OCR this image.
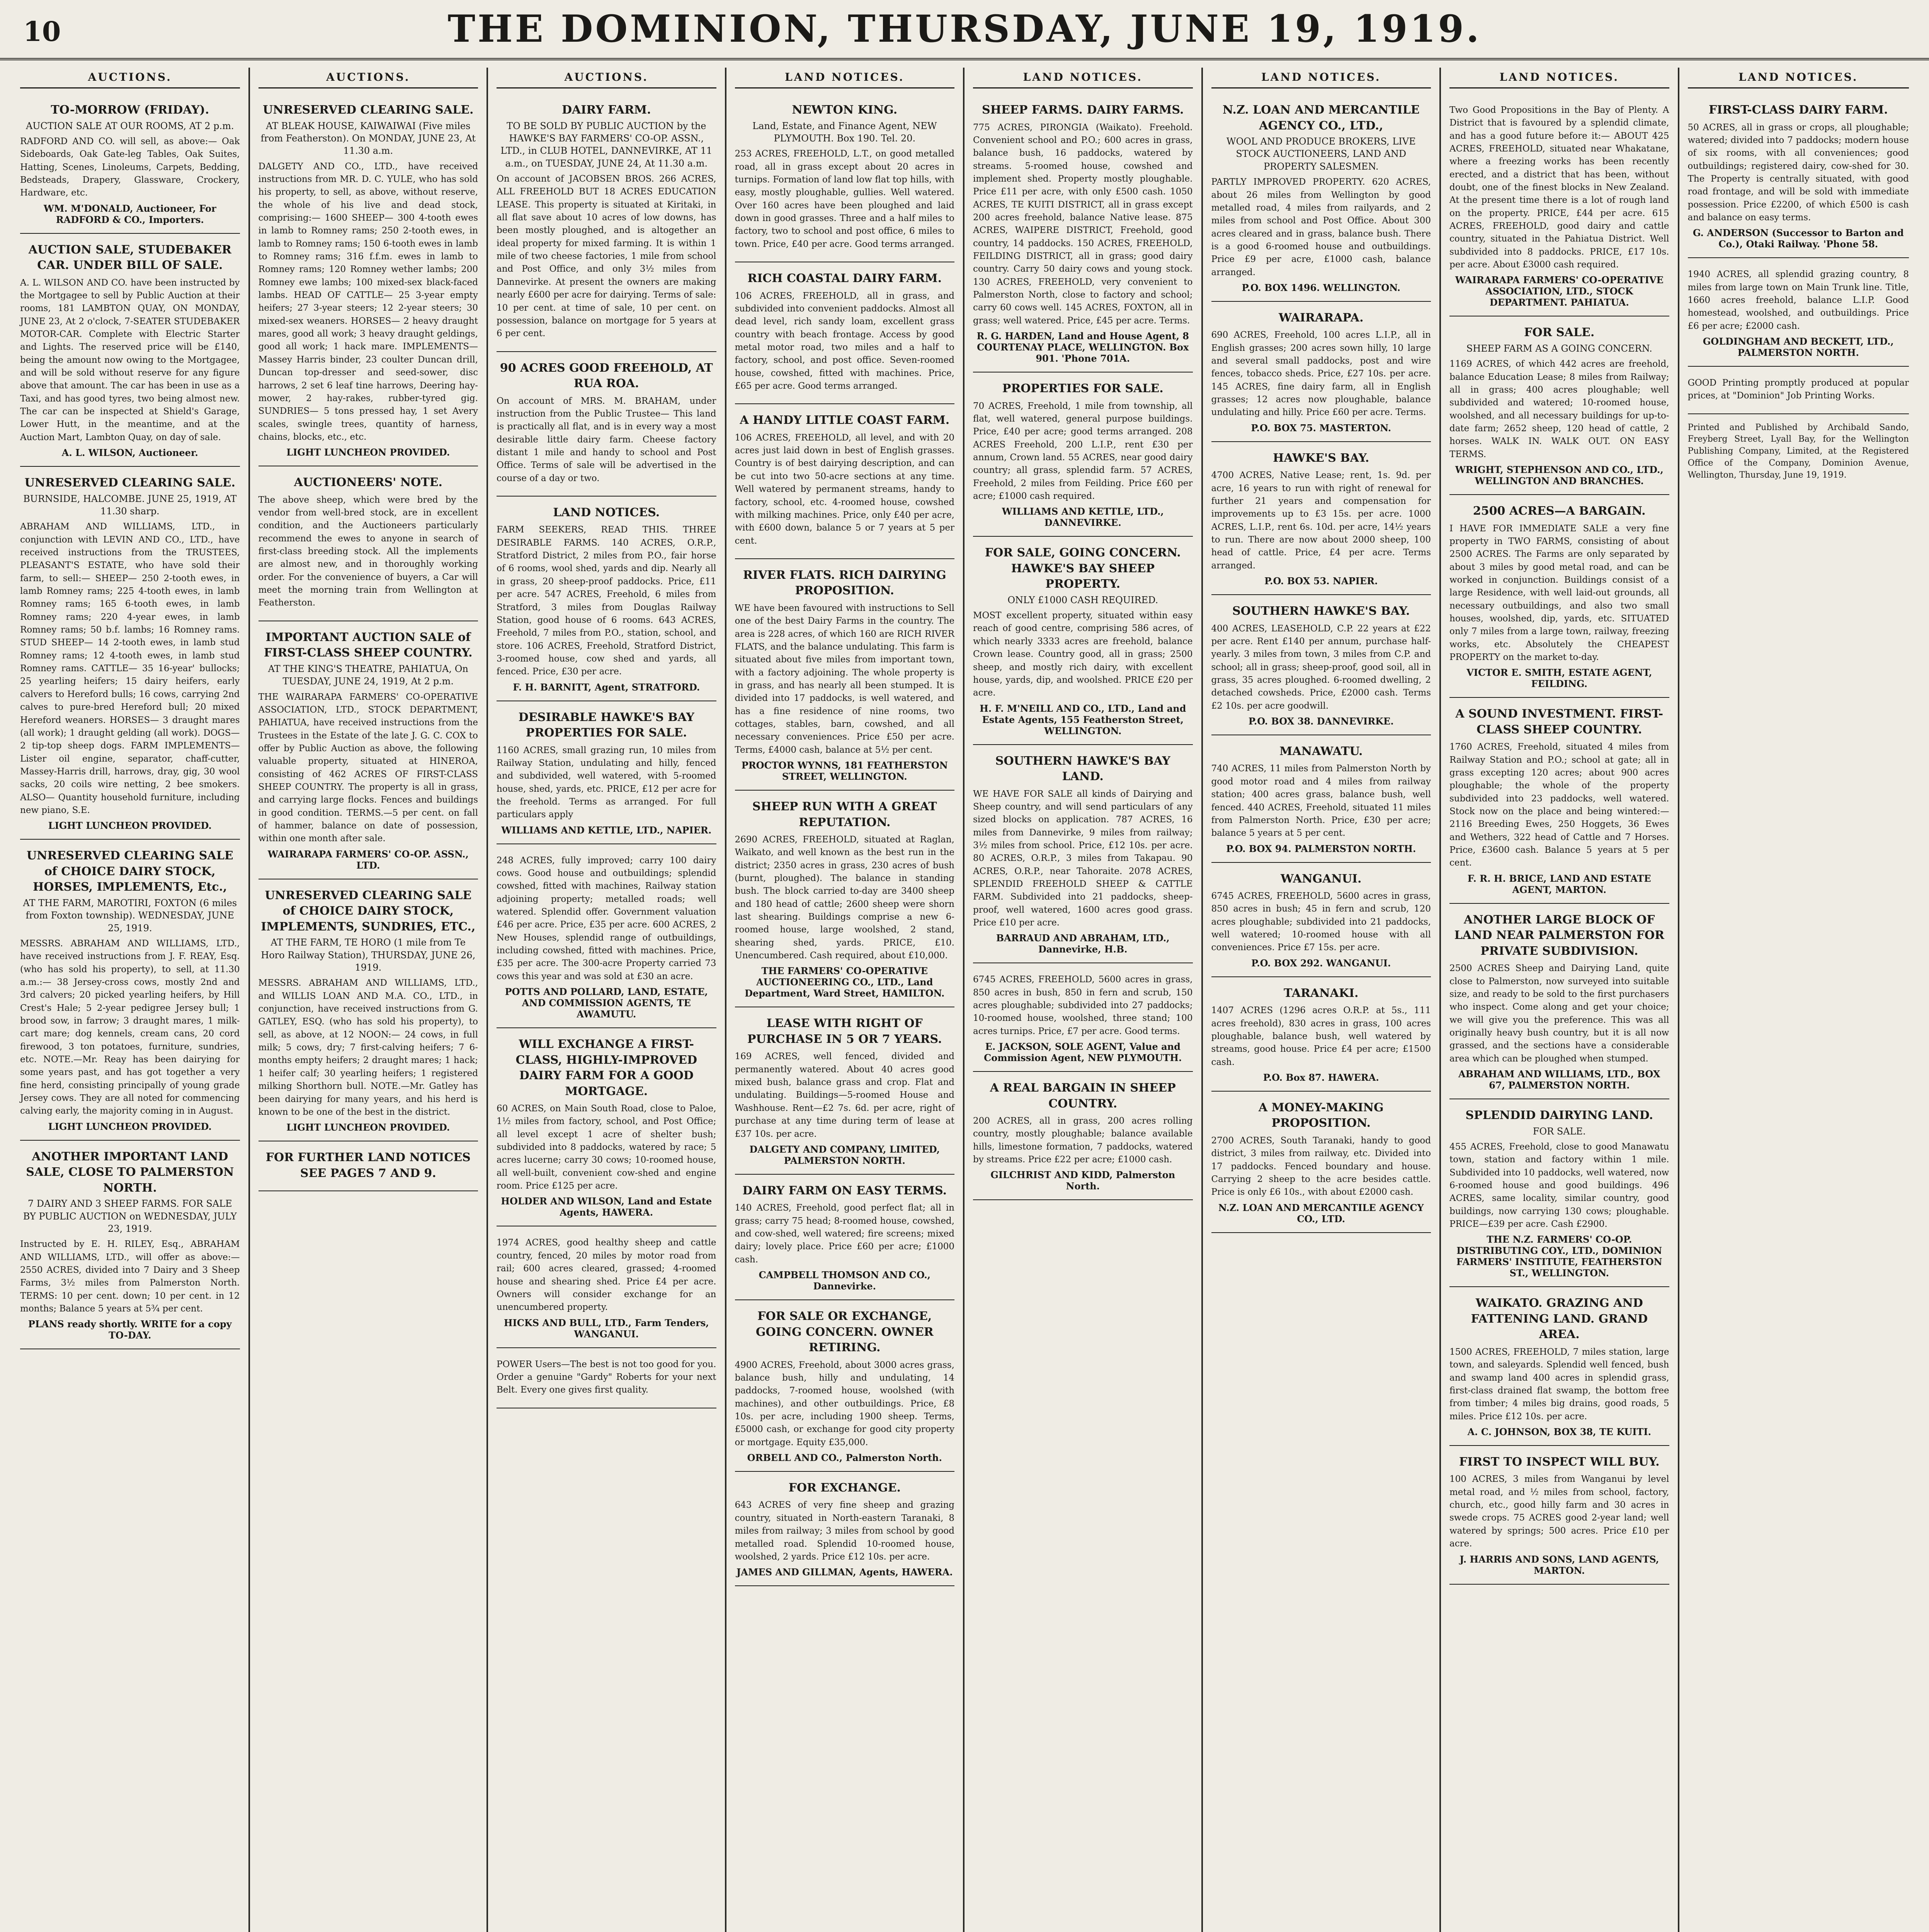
10	THE DOMINION, THURSDAY, JUNE 19, 1919.
AUCTIONS.
TO-MORROW (FRIDAY).
AUCTION SALE AT OUR ROOMS, AT 2 p.m.
RADFORD AND CO. will sell, as above:— Oak Sideboards, Oak Gate-leg Tables, Oak Suites, Hatting, Scenes, Linoleums, Carpets, Bedding, Bedsteads, Drapery, Glassware, Crockery, Hardware, etc.
WM. M'DONALD, Auctioneer, For RADFORD & CO., Importers.
AUCTION SALE, STUDEBAKER CAR. UNDER BILL OF SALE.
A. L. WILSON AND CO. have been instructed by the Mortgagee to sell by Public Auction at their rooms, 181 LAMBTON QUAY, ON MONDAY, JUNE 23, At 2 o'clock, 7-SEATER STUDEBAKER MOTOR-CAR. Complete with Electric Starter and Lights. The reserved price will be £140, being the amount now owing to the Mortgagee, and will be sold without reserve for any figure above that amount. The car has been in use as a Taxi, and has good tyres, two being almost new. The car can be inspected at Shield's Garage, Lower Hutt, in the meantime, and at the Auction Mart, Lambton Quay, on day of sale.
A. L. WILSON, Auctioneer.
UNRESERVED CLEARING SALE.
BURNSIDE, HALCOMBE. JUNE 25, 1919, AT 11.30 sharp.
ABRAHAM AND WILLIAMS, LTD., in conjunction with LEVIN AND CO., LTD., have received instructions from the TRUSTEES, PLEASANT'S ESTATE, who have sold their farm, to sell:— SHEEP— 250 2-tooth ewes, in lamb Romney rams; 225 4-tooth ewes, in lamb Romney rams; 165 6-tooth ewes, in lamb Romney rams; 220 4-year ewes, in lamb Romney rams; 50 b.f. lambs; 16 Romney rams. STUD SHEEP— 14 2-tooth ewes, in lamb stud Romney rams; 12 4-tooth ewes, in lamb stud Romney rams. CATTLE— 35 16-year' bullocks; 25 yearling heifers; 15 dairy heifers, early calvers to Hereford bulls; 16 cows, carrying 2nd calves to pure-bred Hereford bull; 20 mixed Hereford weaners. HORSES— 3 draught mares (all work); 1 draught gelding (all work). DOGS— 2 tip-top sheep dogs. FARM IMPLEMENTS— Lister oil engine, separator, chaff-cutter, Massey-Harris drill, harrows, dray, gig, 30 wool sacks, 20 coils wire netting, 2 bee smokers. ALSO— Quantity household furniture, including new piano, S.E.
LIGHT LUNCHEON PROVIDED.
UNRESERVED CLEARING SALE of CHOICE DAIRY STOCK, HORSES, IMPLEMENTS, Etc.,
AT THE FARM, MAROTIRI, FOXTON (6 miles from Foxton township). WEDNESDAY, JUNE 25, 1919.
MESSRS. ABRAHAM AND WILLIAMS, LTD., have received instructions from J. F. REAY, Esq. (who has sold his property), to sell, at 11.30 a.m.:— 38 Jersey-cross cows, mostly 2nd and 3rd calvers; 20 picked yearling heifers, by Hill Crest's Hale; 5 2-year pedigree Jersey bull; 1 brood sow, in farrow; 3 draught mares, 1 milk-cart mare; dog kennels, cream cans, 20 cord firewood, 3 ton potatoes, furniture, sundries, etc. NOTE.—Mr. Reay has been dairying for some years past, and has got together a very fine herd, consisting principally of young grade Jersey cows. They are all noted for commencing calving early, the majority coming in in August.
LIGHT LUNCHEON PROVIDED.
ANOTHER IMPORTANT LAND SALE, CLOSE TO PALMERSTON NORTH.
7 DAIRY AND 3 SHEEP FARMS. FOR SALE BY PUBLIC AUCTION on WEDNESDAY, JULY 23, 1919.
Instructed by E. H. RILEY, Esq., ABRAHAM AND WILLIAMS, LTD., will offer as above:— 2550 ACRES, divided into 7 Dairy and 3 Sheep Farms, 3½ miles from Palmerston North. TERMS: 10 per cent. down; 10 per cent. in 12 months; Balance 5 years at 5¾ per cent.
PLANS ready shortly. WRITE for a copy TO-DAY.
AUCTIONS.
UNRESERVED CLEARING SALE.
AT BLEAK HOUSE, KAIWAIWAI (Five miles from Featherston). On MONDAY, JUNE 23, At 11.30 a.m.
DALGETY AND CO., LTD., have received instructions from MR. D. C. YULE, who has sold his property, to sell, as above, without reserve, the whole of his live and dead stock, comprising:— 1600 SHEEP— 300 4-tooth ewes in lamb to Romney rams; 250 2-tooth ewes, in lamb to Romney rams; 150 6-tooth ewes in lamb to Romney rams; 316 f.f.m. ewes in lamb to Romney rams; 120 Romney wether lambs; 200 Romney ewe lambs; 100 mixed-sex black-faced lambs. HEAD OF CATTLE— 25 3-year empty heifers; 27 3-year steers; 12 2-year steers; 30 mixed-sex weaners. HORSES— 2 heavy draught mares, good all work; 3 heavy draught geldings, good all work; 1 hack mare. IMPLEMENTS— Massey Harris binder, 23 coulter Duncan drill, Duncan top-dresser and seed-sower, disc harrows, 2 set 6 leaf tine harrows, Deering hay-mower, 2 hay-rakes, rubber-tyred gig. SUNDRIES— 5 tons pressed hay, 1 set Avery scales, swingle trees, quantity of harness, chains, blocks, etc., etc.
LIGHT LUNCHEON PROVIDED.
AUCTIONEERS' NOTE.
The above sheep, which were bred by the vendor from well-bred stock, are in excellent condition, and the Auctioneers particularly recommend the ewes to anyone in search of first-class breeding stock. All the implements are almost new, and in thoroughly working order. For the convenience of buyers, a Car will meet the morning train from Wellington at Featherston.
IMPORTANT AUCTION SALE of FIRST-CLASS SHEEP COUNTRY.
AT THE KING'S THEATRE, PAHIATUA, On TUESDAY, JUNE 24, 1919, At 2 p.m.
THE WAIRARAPA FARMERS' CO-OPERATIVE ASSOCIATION, LTD., STOCK DEPARTMENT, PAHIATUA, have received instructions from the Trustees in the Estate of the late J. G. C. COX to offer by Public Auction as above, the following valuable property, situated at HINEROA, consisting of 462 ACRES OF FIRST-CLASS SHEEP COUNTRY. The property is all in grass, and carrying large flocks. Fences and buildings in good condition. TERMS.—5 per cent. on fall of hammer, balance on date of possession, within one month after sale.
WAIRARAPA FARMERS' CO-OP. ASSN., LTD.
UNRESERVED CLEARING SALE of CHOICE DAIRY STOCK, IMPLEMENTS, SUNDRIES, ETC.,
AT THE FARM, TE HORO (1 mile from Te Horo Railway Station), THURSDAY, JUNE 26, 1919.
MESSRS. ABRAHAM AND WILLIAMS, LTD., and WILLIS LOAN AND M.A. CO., LTD., in conjunction, have received instructions from G. GATLEY, ESQ. (who has sold his property), to sell, as above, at 12 NOON:— 24 cows, in full milk; 5 cows, dry; 7 first-calving heifers; 7 6-months empty heifers; 2 draught mares; 1 hack; 1 heifer calf; 30 yearling heifers; 1 registered milking Shorthorn bull. NOTE.—Mr. Gatley has been dairying for many years, and his herd is known to be one of the best in the district.
LIGHT LUNCHEON PROVIDED.
FOR FURTHER LAND NOTICES SEE PAGES 7 AND 9.
AUCTIONS.
DAIRY FARM.
TO BE SOLD BY PUBLIC AUCTION by the HAWKE'S BAY FARMERS' CO-OP. ASSN., LTD., in CLUB HOTEL, DANNEVIRKE, AT 11 a.m., on TUESDAY, JUNE 24, At 11.30 a.m.
On account of JACOBSEN BROS. 266 ACRES, ALL FREEHOLD BUT 18 ACRES EDUCATION LEASE. This property is situated at Kiritaki, in all flat save about 10 acres of low downs, has been mostly ploughed, and is altogether an ideal property for mixed farming. It is within 1 mile of two cheese factories, 1 mile from school and Post Office, and only 3½ miles from Dannevirke. At present the owners are making nearly £600 per acre for dairying. Terms of sale: 10 per cent. at time of sale, 10 per cent. on possession, balance on mortgage for 5 years at 6 per cent.
90 ACRES GOOD FREEHOLD, AT RUA ROA.
On account of MRS. M. BRAHAM, under instruction from the Public Trustee— This land is practically all flat, and is in every way a most desirable little dairy farm. Cheese factory distant 1 mile and handy to school and Post Office. Terms of sale will be advertised in the course of a day or two.
LAND NOTICES.
FARM SEEKERS, READ THIS. THREE DESIRABLE FARMS. 140 ACRES, O.R.P., Stratford District, 2 miles from P.O., fair horse of 6 rooms, wool shed, yards and dip. Nearly all in grass, 20 sheep-proof paddocks. Price, £11 per acre. 547 ACRES, Freehold, 6 miles from Stratford, 3 miles from Douglas Railway Station, good house of 6 rooms. 643 ACRES, Freehold, 7 miles from P.O., station, school, and store. 106 ACRES, Freehold, Stratford District, 3-roomed house, cow shed and yards, all fenced. Price, £30 per acre.
F. H. BARNITT, Agent, STRATFORD.
DESIRABLE HAWKE'S BAY PROPERTIES FOR SALE.
1160 ACRES, small grazing run, 10 miles from Railway Station, undulating and hilly, fenced and subdivided, well watered, with 5-roomed house, shed, yards, etc. PRICE, £12 per acre for the freehold. Terms as arranged. For full particulars apply
WILLIAMS AND KETTLE, LTD., NAPIER.
248 ACRES, fully improved; carry 100 dairy cows. Good house and outbuildings; splendid cowshed, fitted with machines, Railway station adjoining property; metalled roads; well watered. Splendid offer. Government valuation £46 per acre. Price, £35 per acre. 600 ACRES, 2 New Houses, splendid range of outbuildings, including cowshed, fitted with machines. Price, £35 per acre. The 300-acre Property carried 73 cows this year and was sold at £30 an acre.
POTTS AND POLLARD, LAND, ESTATE, AND COMMISSION AGENTS, TE AWAMUTU.
WILL EXCHANGE A FIRST-CLASS, HIGHLY-IMPROVED DAIRY FARM FOR A GOOD MORTGAGE.
60 ACRES, on Main South Road, close to Paloe, 1½ miles from factory, school, and Post Office; all level except 1 acre of shelter bush; subdivided into 8 paddocks, watered by race; 5 acres lucerne; carry 30 cows; 10-roomed house, all well-built, convenient cow-shed and engine room. Price £125 per acre.
HOLDER AND WILSON, Land and Estate Agents, HAWERA.
1974 ACRES, good healthy sheep and cattle country, fenced, 20 miles by motor road from rail; 600 acres cleared, grassed; 4-roomed house and shearing shed. Price £4 per acre. Owners will consider exchange for an unencumbered property.
HICKS AND BULL, LTD., Farm Tenders, WANGANUI.
POWER Users—The best is not too good for you. Order a genuine "Gardy" Roberts for your next Belt. Every one gives first quality.
LAND NOTICES.
NEWTON KING.
Land, Estate, and Finance Agent, NEW PLYMOUTH. Box 190. Tel. 20.
253 ACRES, FREEHOLD, L.T., on good metalled road, all in grass except about 20 acres in turnips. Formation of land low flat top hills, with easy, mostly ploughable, gullies. Well watered. Over 160 acres have been ploughed and laid down in good grasses. Three and a half miles to factory, two to school and post office, 6 miles to town. Price, £40 per acre. Good terms arranged.
RICH COASTAL DAIRY FARM.
106 ACRES, FREEHOLD, all in grass, and subdivided into convenient paddocks. Almost all dead level, rich sandy loam, excellent grass country with beach frontage. Access by good metal motor road, two miles and a half to factory, school, and post office. Seven-roomed house, cowshed, fitted with machines. Price, £65 per acre. Good terms arranged.
A HANDY LITTLE COAST FARM.
106 ACRES, FREEHOLD, all level, and with 20 acres just laid down in best of English grasses. Country is of best dairying description, and can be cut into two 50-acre sections at any time. Well watered by permanent streams, handy to factory, school, etc. 4-roomed house, cowshed with milking machines. Price, only £40 per acre, with £600 down, balance 5 or 7 years at 5 per cent.
RIVER FLATS. RICH DAIRYING PROPOSITION.
WE have been favoured with instructions to Sell one of the best Dairy Farms in the country. The area is 228 acres, of which 160 are RICH RIVER FLATS, and the balance undulating. This farm is situated about five miles from important town, with a factory adjoining. The whole property is in grass, and has nearly all been stumped. It is divided into 17 paddocks, is well watered, and has a fine residence of nine rooms, two cottages, stables, barn, cowshed, and all necessary conveniences. Price £50 per acre. Terms, £4000 cash, balance at 5½ per cent.
PROCTOR WYNNS, 181 FEATHERSTON STREET, WELLINGTON.
SHEEP RUN WITH A GREAT REPUTATION.
2690 ACRES, FREEHOLD, situated at Raglan, Waikato, and well known as the best run in the district; 2350 acres in grass, 230 acres of bush (burnt, ploughed). The balance in standing bush. The block carried to-day are 3400 sheep and 180 head of cattle; 2600 sheep were shorn last shearing. Buildings comprise a new 6-roomed house, large woolshed, 2 stand, shearing shed, yards. PRICE, £10. Unencumbered. Cash required, about £10,000.
THE FARMERS' CO-OPERATIVE AUCTIONEERING CO., LTD., Land Department, Ward Street, HAMILTON.
LEASE WITH RIGHT OF PURCHASE IN 5 OR 7 YEARS.
169 ACRES, well fenced, divided and permanently watered. About 40 acres good mixed bush, balance grass and crop. Flat and undulating. Buildings—5-roomed House and Washhouse. Rent—£2 7s. 6d. per acre, right of purchase at any time during term of lease at £37 10s. per acre.
DALGETY AND COMPANY, LIMITED, PALMERSTON NORTH.
DAIRY FARM ON EASY TERMS.
140 ACRES, Freehold, good perfect flat; all in grass; carry 75 head; 8-roomed house, cowshed, and cow-shed, well watered; fire screens; mixed dairy; lovely place. Price £60 per acre; £1000 cash.
CAMPBELL THOMSON AND CO., Dannevirke.
FOR SALE OR EXCHANGE, GOING CONCERN. OWNER RETIRING.
4900 ACRES, Freehold, about 3000 acres grass, balance bush, hilly and undulating, 14 paddocks, 7-roomed house, woolshed (with machines), and other outbuildings. Price, £8 10s. per acre, including 1900 sheep. Terms, £5000 cash, or exchange for good city property or mortgage. Equity £35,000.
ORBELL AND CO., Palmerston North.
FOR EXCHANGE.
643 ACRES of very fine sheep and grazing country, situated in North-eastern Taranaki, 8 miles from railway; 3 miles from school by good metalled road. Splendid 10-roomed house, woolshed, 2 yards. Price £12 10s. per acre.
JAMES AND GILLMAN, Agents, HAWERA.
LAND NOTICES.
SHEEP FARMS. DAIRY FARMS.
775 ACRES, PIRONGIA (Waikato). Freehold. Convenient school and P.O.; 600 acres in grass, balance bush, 16 paddocks, watered by streams. 5-roomed house, cowshed and implement shed. Property mostly ploughable. Price £11 per acre, with only £500 cash. 1050 ACRES, TE KUITI DISTRICT, all in grass except 200 acres freehold, balance Native lease. 875 ACRES, WAIPERE DISTRICT, Freehold, good country, 14 paddocks. 150 ACRES, FREEHOLD, FEILDING DISTRICT, all in grass; good dairy country. Carry 50 dairy cows and young stock. 130 ACRES, FREEHOLD, very convenient to Palmerston North, close to factory and school; carry 60 cows well. 145 ACRES, FOXTON, all in grass; well watered. Price, £45 per acre. Terms.
R. G. HARDEN, Land and House Agent, 8 COURTENAY PLACE, WELLINGTON. Box 901. 'Phone 701A.
PROPERTIES FOR SALE.
70 ACRES, Freehold, 1 mile from township, all flat, well watered, general purpose buildings. Price, £40 per acre; good terms arranged. 208 ACRES Freehold, 200 L.I.P., rent £30 per annum, Crown land. 55 ACRES, near good dairy country; all grass, splendid farm. 57 ACRES, Freehold, 2 miles from Feilding. Price £60 per acre; £1000 cash required.
WILLIAMS AND KETTLE, LTD., DANNEVIRKE.
FOR SALE, GOING CONCERN. HAWKE'S BAY SHEEP PROPERTY.
ONLY £1000 CASH REQUIRED.
MOST excellent property, situated within easy reach of good centre, comprising 586 acres, of which nearly 3333 acres are freehold, balance Crown lease. Country good, all in grass; 2500 sheep, and mostly rich dairy, with excellent house, yards, dip, and woolshed. PRICE £20 per acre.
H. F. M'NEILL AND CO., LTD., Land and Estate Agents, 155 Featherston Street, WELLINGTON.
SOUTHERN HAWKE'S BAY LAND.
WE HAVE FOR SALE all kinds of Dairying and Sheep country, and will send particulars of any sized blocks on application. 787 ACRES, 16 miles from Dannevirke, 9 miles from railway; 3½ miles from school. Price, £12 10s. per acre. 80 ACRES, O.R.P., 3 miles from Takapau. 90 ACRES, O.R.P., near Tahoraite. 2078 ACRES, SPLENDID FREEHOLD SHEEP & CATTLE FARM. Subdivided into 21 paddocks, sheep-proof, well watered, 1600 acres good grass. Price £10 per acre.
BARRAUD AND ABRAHAM, LTD., Dannevirke, H.B.
6745 ACRES, FREEHOLD, 5600 acres in grass, 850 acres in bush, 850 in fern and scrub, 150 acres ploughable; subdivided into 27 paddocks; 10-roomed house, woolshed, three stand; 100 acres turnips. Price, £7 per acre. Good terms.
E. JACKSON, SOLE AGENT, Value and Commission Agent, NEW PLYMOUTH.
A REAL BARGAIN IN SHEEP COUNTRY.
200 ACRES, all in grass, 200 acres rolling country, mostly ploughable; balance available hills, limestone formation, 7 paddocks, watered by streams. Price £22 per acre; £1000 cash.
GILCHRIST AND KIDD, Palmerston North.
LAND NOTICES.
N.Z. LOAN AND MERCANTILE AGENCY CO., LTD.,
WOOL AND PRODUCE BROKERS, LIVE STOCK AUCTIONEERS, LAND AND PROPERTY SALESMEN.
PARTLY IMPROVED PROPERTY. 620 ACRES, about 26 miles from Wellington by good metalled road, 4 miles from railyards, and 2 miles from school and Post Office. About 300 acres cleared and in grass, balance bush. There is a good 6-roomed house and outbuildings. Price £9 per acre, £1000 cash, balance arranged.
P.O. BOX 1496. WELLINGTON.
WAIRARAPA.
690 ACRES, Freehold, 100 acres L.I.P., all in English grasses; 200 acres sown hilly, 10 large and several small paddocks, post and wire fences, tobacco sheds. Price, £27 10s. per acre. 145 ACRES, fine dairy farm, all in English grasses; 12 acres now ploughable, balance undulating and hilly. Price £60 per acre. Terms.
P.O. BOX 75. MASTERTON.
HAWKE'S BAY.
4700 ACRES, Native Lease; rent, 1s. 9d. per acre, 16 years to run with right of renewal for further 21 years and compensation for improvements up to £3 15s. per acre. 1000 ACRES, L.I.P., rent 6s. 10d. per acre, 14½ years to run. There are now about 2000 sheep, 100 head of cattle. Price, £4 per acre. Terms arranged.
P.O. BOX 53. NAPIER.
SOUTHERN HAWKE'S BAY.
400 ACRES, LEASEHOLD, C.P. 22 years at £22 per acre. Rent £140 per annum, purchase half-yearly. 3 miles from town, 3 miles from C.P. and school; all in grass; sheep-proof, good soil, all in grass, 35 acres ploughed. 6-roomed dwelling, 2 detached cowsheds. Price, £2000 cash. Terms £2 10s. per acre goodwill.
P.O. BOX 38. DANNEVIRKE.
MANAWATU.
740 ACRES, 11 miles from Palmerston North by good motor road and 4 miles from railway station; 400 acres grass, balance bush, well fenced. 440 ACRES, Freehold, situated 11 miles from Palmerston North. Price, £30 per acre; balance 5 years at 5 per cent.
P.O. BOX 94. PALMERSTON NORTH.
WANGANUI.
6745 ACRES, FREEHOLD, 5600 acres in grass, 850 acres in bush; 45 in fern and scrub, 120 acres ploughable; subdivided into 21 paddocks, well watered; 10-roomed house with all conveniences. Price £7 15s. per acre.
P.O. BOX 292. WANGANUI.
TARANAKI.
1407 ACRES (1296 acres O.R.P. at 5s., 111 acres freehold), 830 acres in grass, 100 acres ploughable, balance bush, well watered by streams, good house. Price £4 per acre; £1500 cash.
P.O. Box 87. HAWERA.
A MONEY-MAKING PROPOSITION.
2700 ACRES, South Taranaki, handy to good district, 3 miles from railway, etc. Divided into 17 paddocks. Fenced boundary and house. Carrying 2 sheep to the acre besides cattle. Price is only £6 10s., with about £2000 cash.
N.Z. LOAN AND MERCANTILE AGENCY CO., LTD.
LAND NOTICES.
Two Good Propositions in the Bay of Plenty. A District that is favoured by a splendid climate, and has a good future before it:— ABOUT 425 ACRES, FREEHOLD, situated near Whakatane, where a freezing works has been recently erected, and a district that has been, without doubt, one of the finest blocks in New Zealand. At the present time there is a lot of rough land on the property. PRICE, £44 per acre. 615 ACRES, FREEHOLD, good dairy and cattle country, situated in the Pahiatua District. Well subdivided into 8 paddocks. PRICE, £17 10s. per acre. About £3000 cash required.
WAIRARAPA FARMERS' CO-OPERATIVE ASSOCIATION, LTD., STOCK DEPARTMENT. PAHIATUA.
FOR SALE.
SHEEP FARM AS A GOING CONCERN.
1169 ACRES, of which 442 acres are freehold, balance Education Lease; 8 miles from Railway; all in grass; 400 acres ploughable; well subdivided and watered; 10-roomed house, woolshed, and all necessary buildings for up-to-date farm; 2652 sheep, 120 head of cattle, 2 horses. WALK IN. WALK OUT. ON EASY TERMS.
WRIGHT, STEPHENSON AND CO., LTD., WELLINGTON AND BRANCHES.
2500 ACRES—A BARGAIN.
I HAVE FOR IMMEDIATE SALE a very fine property in TWO FARMS, consisting of about 2500 ACRES. The Farms are only separated by about 3 miles by good metal road, and can be worked in conjunction. Buildings consist of a large Residence, with well laid-out grounds, all necessary outbuildings, and also two small houses, woolshed, dip, yards, etc. SITUATED only 7 miles from a large town, railway, freezing works, etc. Absolutely the CHEAPEST PROPERTY on the market to-day.
VICTOR E. SMITH, ESTATE AGENT, FEILDING.
A SOUND INVESTMENT. FIRST-CLASS SHEEP COUNTRY.
1760 ACRES, Freehold, situated 4 miles from Railway Station and P.O.; school at gate; all in grass excepting 120 acres; about 900 acres ploughable; the whole of the property subdivided into 23 paddocks, well watered. Stock now on the place and being wintered:— 2116 Breeding Ewes, 250 Hoggets, 36 Ewes and Wethers, 322 head of Cattle and 7 Horses. Price, £3600 cash. Balance 5 years at 5 per cent.
F. R. H. BRICE, LAND AND ESTATE AGENT, MARTON.
ANOTHER LARGE BLOCK OF LAND NEAR PALMERSTON FOR PRIVATE SUBDIVISION.
2500 ACRES Sheep and Dairying Land, quite close to Palmerston, now surveyed into suitable size, and ready to be sold to the first purchasers who inspect. Come along and get your choice; we will give you the preference. This was all originally heavy bush country, but it is all now grassed, and the sections have a considerable area which can be ploughed when stumped.
ABRAHAM AND WILLIAMS, LTD., BOX 67, PALMERSTON NORTH.
SPLENDID DAIRYING LAND.
FOR SALE.
455 ACRES, Freehold, close to good Manawatu town, station and factory within 1 mile. Subdivided into 10 paddocks, well watered, now 6-roomed house and good buildings. 496 ACRES, same locality, similar country, good buildings, now carrying 130 cows; ploughable. PRICE—£39 per acre. Cash £2900.
THE N.Z. FARMERS' CO-OP. DISTRIBUTING COY., LTD., DOMINION FARMERS' INSTITUTE, FEATHERSTON ST., WELLINGTON.
WAIKATO. GRAZING AND FATTENING LAND. GRAND AREA.
1500 ACRES, FREEHOLD, 7 miles station, large town, and saleyards. Splendid well fenced, bush and swamp land 400 acres in splendid grass, first-class drained flat swamp, the bottom free from timber; 4 miles big drains, good roads, 5 miles. Price £12 10s. per acre.
A. C. JOHNSON, BOX 38, TE KUITI.
FIRST TO INSPECT WILL BUY.
100 ACRES, 3 miles from Wanganui by level metal road, and ½ miles from school, factory, church, etc., good hilly farm and 30 acres in swede crops. 75 ACRES good 2-year land; well watered by springs; 500 acres. Price £10 per acre.
J. HARRIS AND SONS, LAND AGENTS, MARTON.
LAND NOTICES.
FIRST-CLASS DAIRY FARM.
50 ACRES, all in grass or crops, all ploughable; watered; divided into 7 paddocks; modern house of six rooms, with all conveniences; good outbuildings; registered dairy, cow-shed for 30. The Property is centrally situated, with good road frontage, and will be sold with immediate possession. Price £2200, of which £500 is cash and balance on easy terms.
G. ANDERSON (Successor to Barton and Co.), Otaki Railway. 'Phone 58.
1940 ACRES, all splendid grazing country, 8 miles from large town on Main Trunk line. Title, 1660 acres freehold, balance L.I.P. Good homestead, woolshed, and outbuildings. Price £6 per acre; £2000 cash.
GOLDINGHAM AND BECKETT, LTD., PALMERSTON NORTH.
GOOD Printing promptly produced at popular prices, at "Dominion" Job Printing Works.
Printed and Published by Archibald Sando, Freyberg Street, Lyall Bay, for the Wellington Publishing Company, Limited, at the Registered Office of the Company, Dominion Avenue, Wellington, Thursday, June 19, 1919.
